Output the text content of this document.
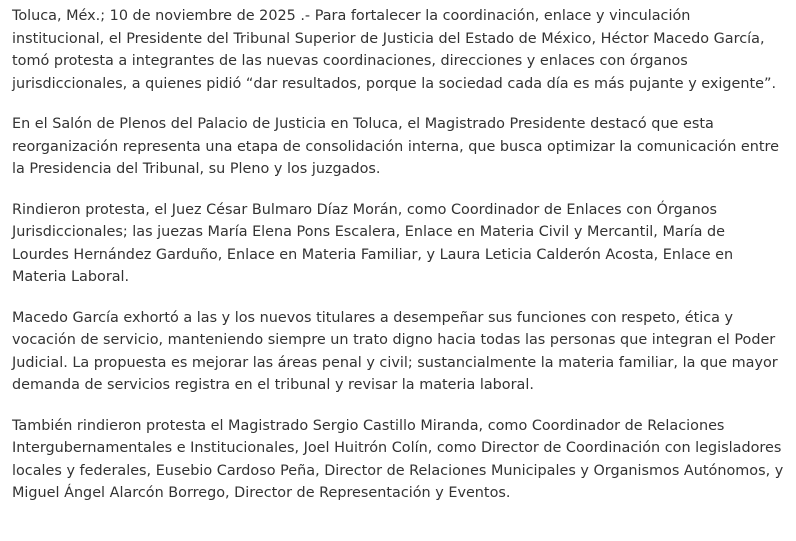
Toluca, Méx.; 10 de noviembre de 2025 .- Para fortalecer la coordinación, enlace y vinculación institucional, el Presidente del Tribunal Superior de Justicia del Estado de México, Héctor Macedo García, tomó protesta a integrantes de las nuevas coordinaciones, direcciones y enlaces con órganos jurisdiccionales, a quienes pidió “dar resultados, porque la sociedad cada día es más pujante y exigente”.

En el Salón de Plenos del Palacio de Justicia en Toluca, el Magistrado Presidente destacó que esta reorganización representa una etapa de consolidación interna, que busca optimizar la comunicación entre la Presidencia del Tribunal, su Pleno y los juzgados.

Rindieron protesta, el Juez César Bulmaro Díaz Morán, como Coordinador de Enlaces con Órganos Jurisdiccionales; las juezas María Elena Pons Escalera, Enlace en Materia Civil y Mercantil, María de Lourdes Hernández Garduño, Enlace en Materia Familiar, y Laura Leticia Calderón Acosta, Enlace en Materia Laboral.

Macedo García exhortó a las y los nuevos titulares a desempeñar sus funciones con respeto, ética y vocación de servicio, manteniendo siempre un trato digno hacia todas las personas que integran el Poder Judicial. La propuesta es mejorar las áreas penal y civil; sustancialmente la materia familiar, la que mayor demanda de servicios registra en el tribunal y revisar la materia laboral.

También rindieron protesta el Magistrado Sergio Castillo Miranda, como Coordinador de Relaciones Intergubernamentales e Institucionales, Joel Huitrón Colín, como Director de Coordinación con legisladores locales y federales, Eusebio Cardoso Peña, Director de Relaciones Municipales y Organismos Autónomos, y Miguel Ángel Alarcón Borrego, Director de Representación y Eventos.
